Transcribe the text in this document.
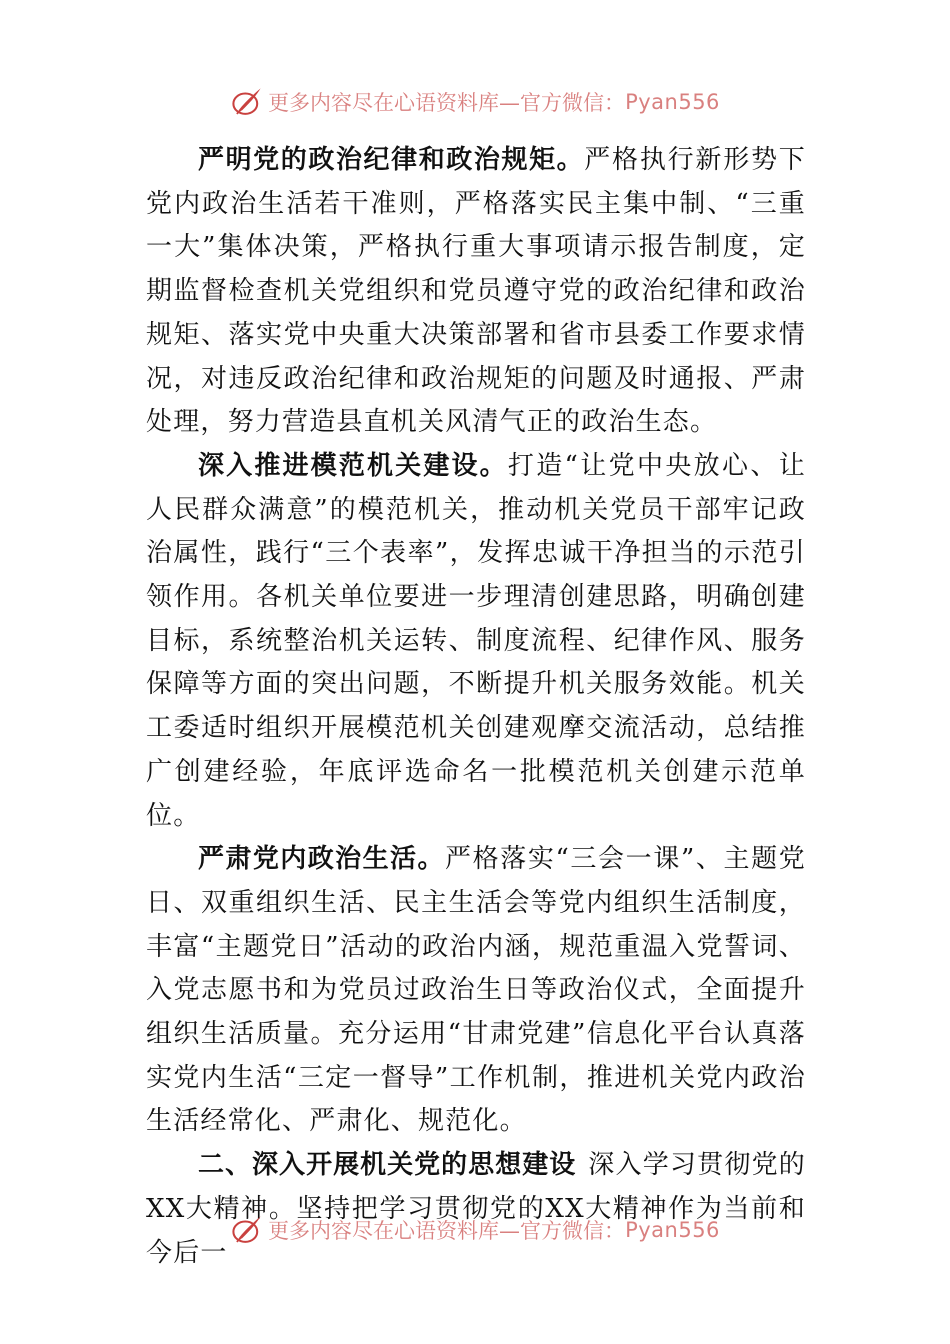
更多内容尽在心语资料库—官方微信： Pyan556

严明党的政治纪律和政治规矩。严格执行新形势下党内政治生活若干准则，严格落实民主集中制、“三重一大”集体决策，严格执行重大事项请示报告制度，定期监督检查机关党组织和党员遵守党的政治纪律和政治规矩、落实党中央重大决策部署和省市县委工作要求情况，对违反政治纪律和政治规矩的问题及时通报、严肃处理，努力营造县直机关风清气正的政治生态。

深入推进模范机关建设。打造“让党中央放心、让人民群众满意”的模范机关，推动机关党员干部牢记政治属性，践行“三个表率”，发挥忠诚干净担当的示范引领作用。各机关单位要进一步理清创建思路，明确创建目标，系统整治机关运转、制度流程、纪律作风、服务保障等方面的突出问题，不断提升机关服务效能。机关工委适时组织开展模范机关创建观摩交流活动，总结推广创建经验，年底评选命名一批模范机关创建示范单位。

严肃党内政治生活。严格落实“三会一课”、主题党日、双重组织生活、民主生活会等党内组织生活制度，丰富“主题党日”活动的政治内涵，规范重温入党誓词、入党志愿书和为党员过政治生日等政治仪式，全面提升组织生活质量。充分运用“甘肃党建”信息化平台认真落实党内生活“三定一督导”工作机制，推进机关党内政治生活经常化、严肃化、规范化。

二、深入开展机关党的思想建设 深入学习贯彻党的XX大精神。坚持把学习贯彻党的XX大精神作为当前和今后一

更多内容尽在心语资料库—官方微信： Pyan556
